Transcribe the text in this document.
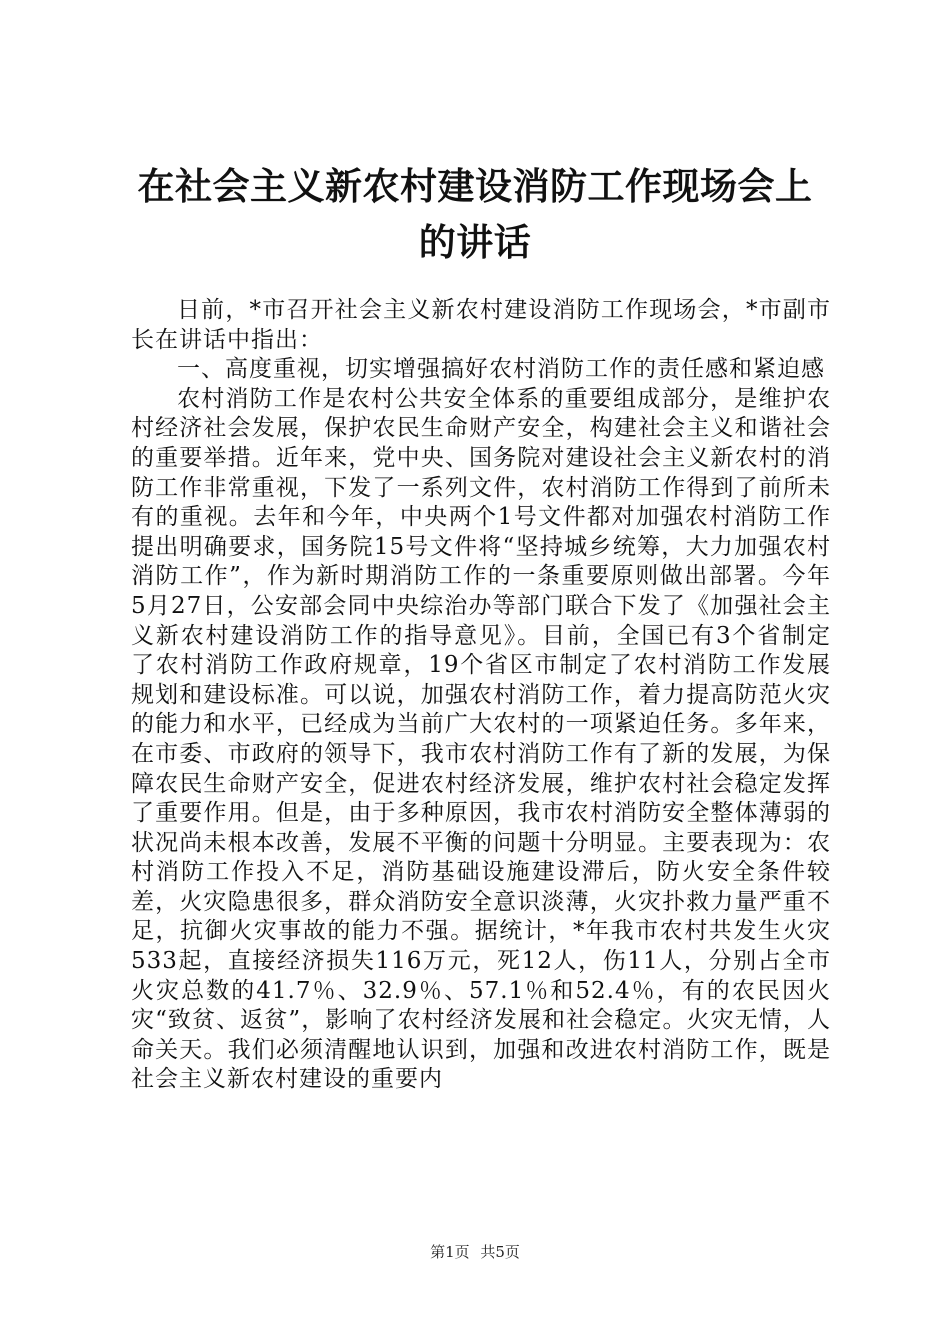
在社会主义新农村建设消防工作现场会上的讲话

日前，*市召开社会主义新农村建设消防工作现场会，*市副市长在讲话中指出：

一、高度重视，切实增强搞好农村消防工作的责任感和紧迫感

农村消防工作是农村公共安全体系的重要组成部分，是维护农村经济社会发展，保护农民生命财产安全，构建社会主义和谐社会的重要举措。近年来，党中央、国务院对建设社会主义新农村的消防工作非常重视，下发了一系列文件，农村消防工作得到了前所未有的重视。去年和今年，中央两个1号文件都对加强农村消防工作提出明确要求，国务院15号文件将“坚持城乡统筹，大力加强农村消防工作”，作为新时期消防工作的一条重要原则做出部署。今年5月27日，公安部会同中央综治办等部门联合下发了《加强社会主义新农村建设消防工作的指导意见》。目前，全国已有3个省制定了农村消防工作政府规章，19个省区市制定了农村消防工作发展规划和建设标准。可以说，加强农村消防工作，着力提高防范火灾的能力和水平，已经成为当前广大农村的一项紧迫任务。多年来，在市委、市政府的领导下，我市农村消防工作有了新的发展，为保障农民生命财产安全，促进农村经济发展，维护农村社会稳定发挥了重要作用。但是，由于多种原因，我市农村消防安全整体薄弱的状况尚未根本改善，发展不平衡的问题十分明显。主要表现为：农村消防工作投入不足，消防基础设施建设滞后，防火安全条件较差，火灾隐患很多，群众消防安全意识淡薄，火灾扑救力量严重不足，抗御火灾事故的能力不强。据统计，*年我市农村共发生火灾533起，直接经济损失116万元，死12人，伤11人，分别占全市火灾总数的41.7％、32.9％、57.1％和52.4％，有的农民因火灾“致贫、返贫”，影响了农村经济发展和社会稳定。火灾无情，人命关天。我们必须清醒地认识到，加强和改进农村消防工作，既是社会主义新农村建设的重要内

第1页 共5页
